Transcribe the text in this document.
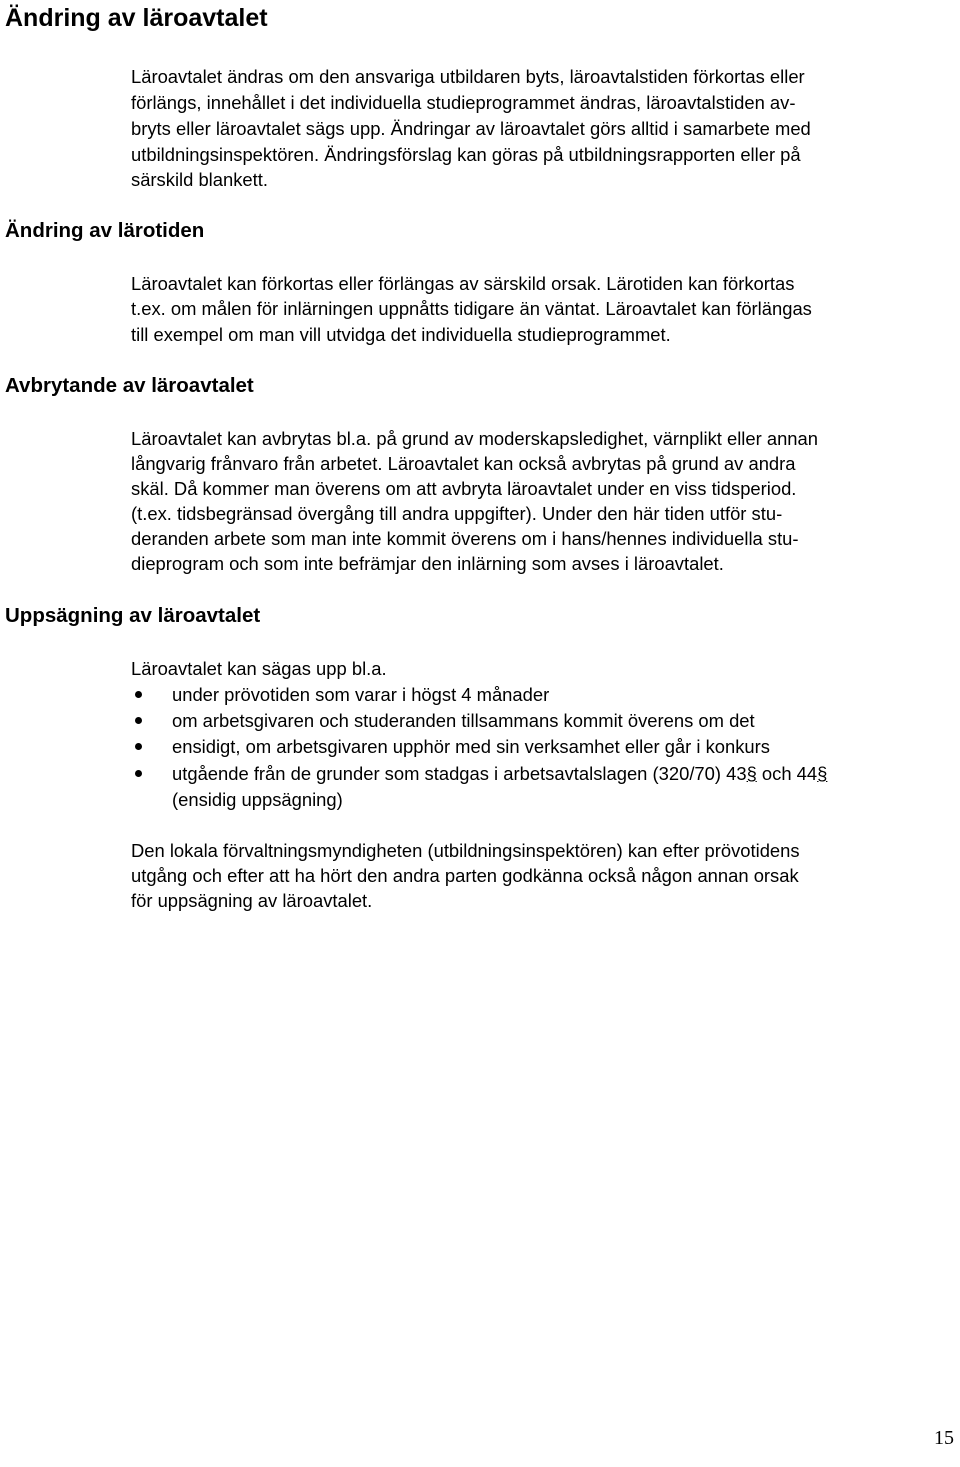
Ändring av läroavtalet
Läroavtalet ändras om den ansvariga utbildaren byts, läroavtalstiden förkortas eller
förlängs, innehållet i det individuella studieprogrammet ändras, läroavtalstiden av-
bryts eller läroavtalet sägs upp. Ändringar av läroavtalet görs alltid i samarbete med
utbildningsinspektören. Ändringsförslag kan göras på utbildningsrapporten eller på
särskild blankett.
Ändring av lärotiden
Läroavtalet kan förkortas eller förlängas av särskild orsak. Lärotiden kan förkortas
t.ex. om målen för inlärningen uppnåtts tidigare än väntat. Läroavtalet kan förlängas
till exempel om man vill utvidga det individuella studieprogrammet.
Avbrytande av läroavtalet
Läroavtalet kan avbrytas bl.a. på grund av moderskapsledighet, värnplikt eller annan
långvarig frånvaro från arbetet. Läroavtalet kan också avbrytas på grund av andra
skäl. Då kommer man överens om att avbryta läroavtalet under en viss tidsperiod.
(t.ex. tidsbegränsad övergång till andra uppgifter). Under den här tiden utför stu-
deranden arbete som man inte kommit överens om i hans/hennes individuella stu-
dieprogram och som inte befrämjar den inlärning som avses i läroavtalet.
Uppsägning av läroavtalet
Läroavtalet kan sägas upp bl.a.
under prövotiden som varar i högst 4 månader
om arbetsgivaren och studeranden tillsammans kommit överens om det
ensidigt, om arbetsgivaren upphör med sin verksamhet eller går i konkurs
utgående från de grunder som stadgas i arbetsavtalslagen (320/70) 43§ och 44§
(ensidig uppsägning)
Den lokala förvaltningsmyndigheten (utbildningsinspektören) kan efter prövotidens
utgång och efter att ha hört den andra parten godkänna också någon annan orsak
för uppsägning av läroavtalet.
15
